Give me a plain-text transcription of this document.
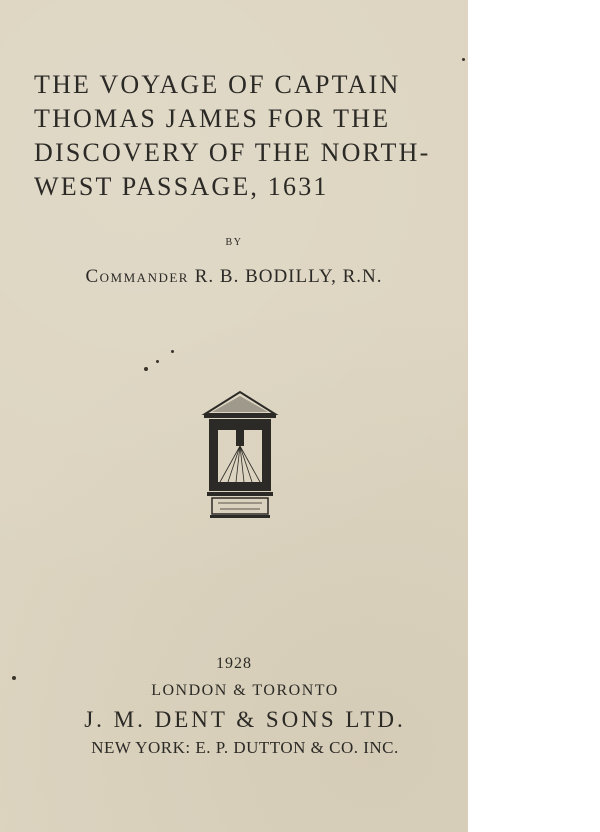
THE VOYAGE OF CAPTAIN
THOMAS JAMES FOR THE
DISCOVERY OF THE NORTH-
WEST PASSAGE, 1631
BY
Commander R. B. BODILLY, R.N.
1928
LONDON & TORONTO
J. M. DENT & SONS LTD.
NEW YORK: E. P. DUTTON & CO. INC.
